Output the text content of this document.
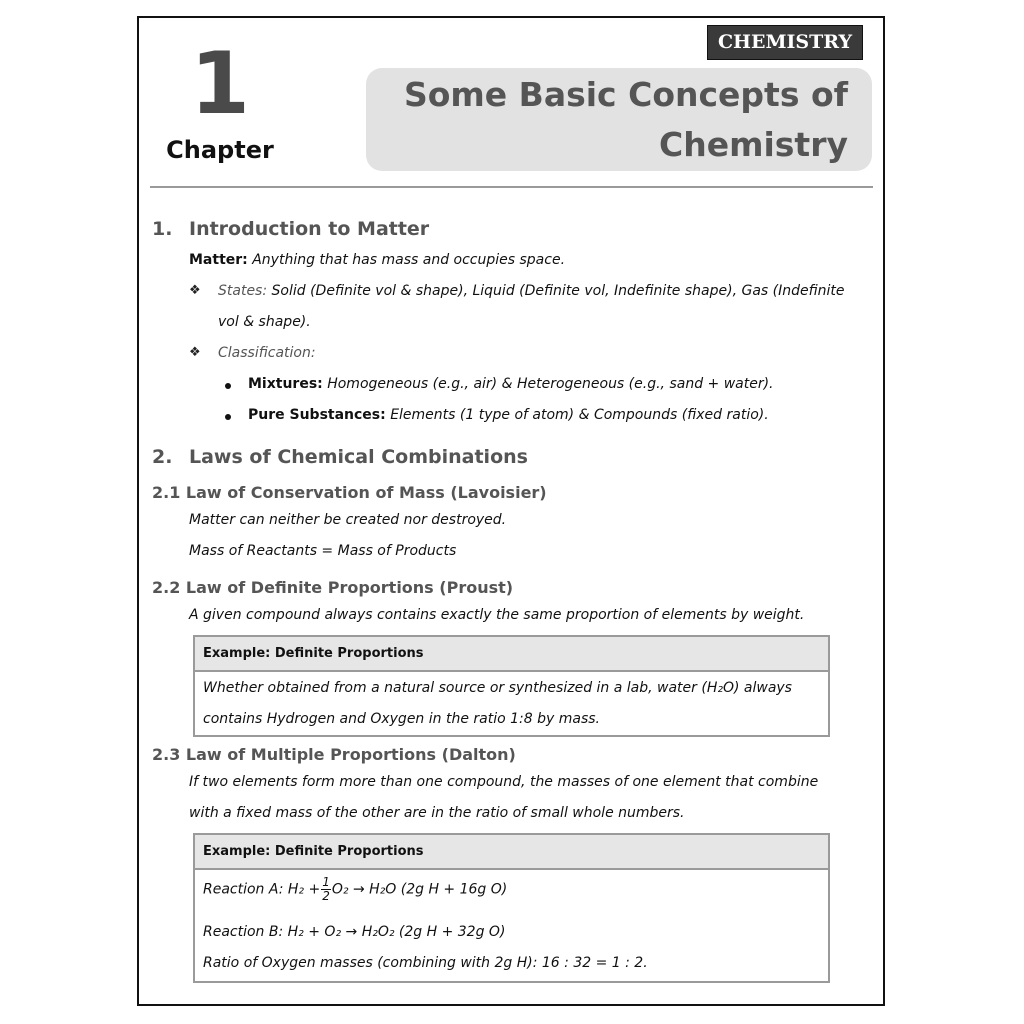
CHEMISTRY
1
Chapter
Some Basic Concepts of
Chemistry
1. Introduction to Matter
Matter: Anything that has mass and occupies space.
❖ States: Solid (Definite vol & shape), Liquid (Definite vol, Indefinite shape), Gas (Indefinite
vol & shape).
❖ Classification:
Mixtures: Homogeneous (e.g., air) & Heterogeneous (e.g., sand + water).
Pure Substances: Elements (1 type of atom) & Compounds (fixed ratio).
2. Laws of Chemical Combinations
2.1 Law of Conservation of Mass (Lavoisier)
Matter can neither be created nor destroyed.
Mass of Reactants = Mass of Products
2.2 Law of Definite Proportions (Proust)
A given compound always contains exactly the same proportion of elements by weight.
Example: Definite Proportions
Whether obtained from a natural source or synthesized in a lab, water (H₂O) always
contains Hydrogen and Oxygen in the ratio 1:8 by mass.
2.3 Law of Multiple Proportions (Dalton)
If two elements form more than one compound, the masses of one element that combine
with a fixed mass of the other are in the ratio of small whole numbers.
Example: Definite Proportions
Reaction A: $H_2 + \frac{1}{2} O_2 \to H_2O$ (2g H + 16g O)
Reaction B: H₂ + O₂ → H₂O₂ (2g H + 32g O)
Ratio of Oxygen masses (combining with 2g H): 16 : 32 = 1 : 2.
